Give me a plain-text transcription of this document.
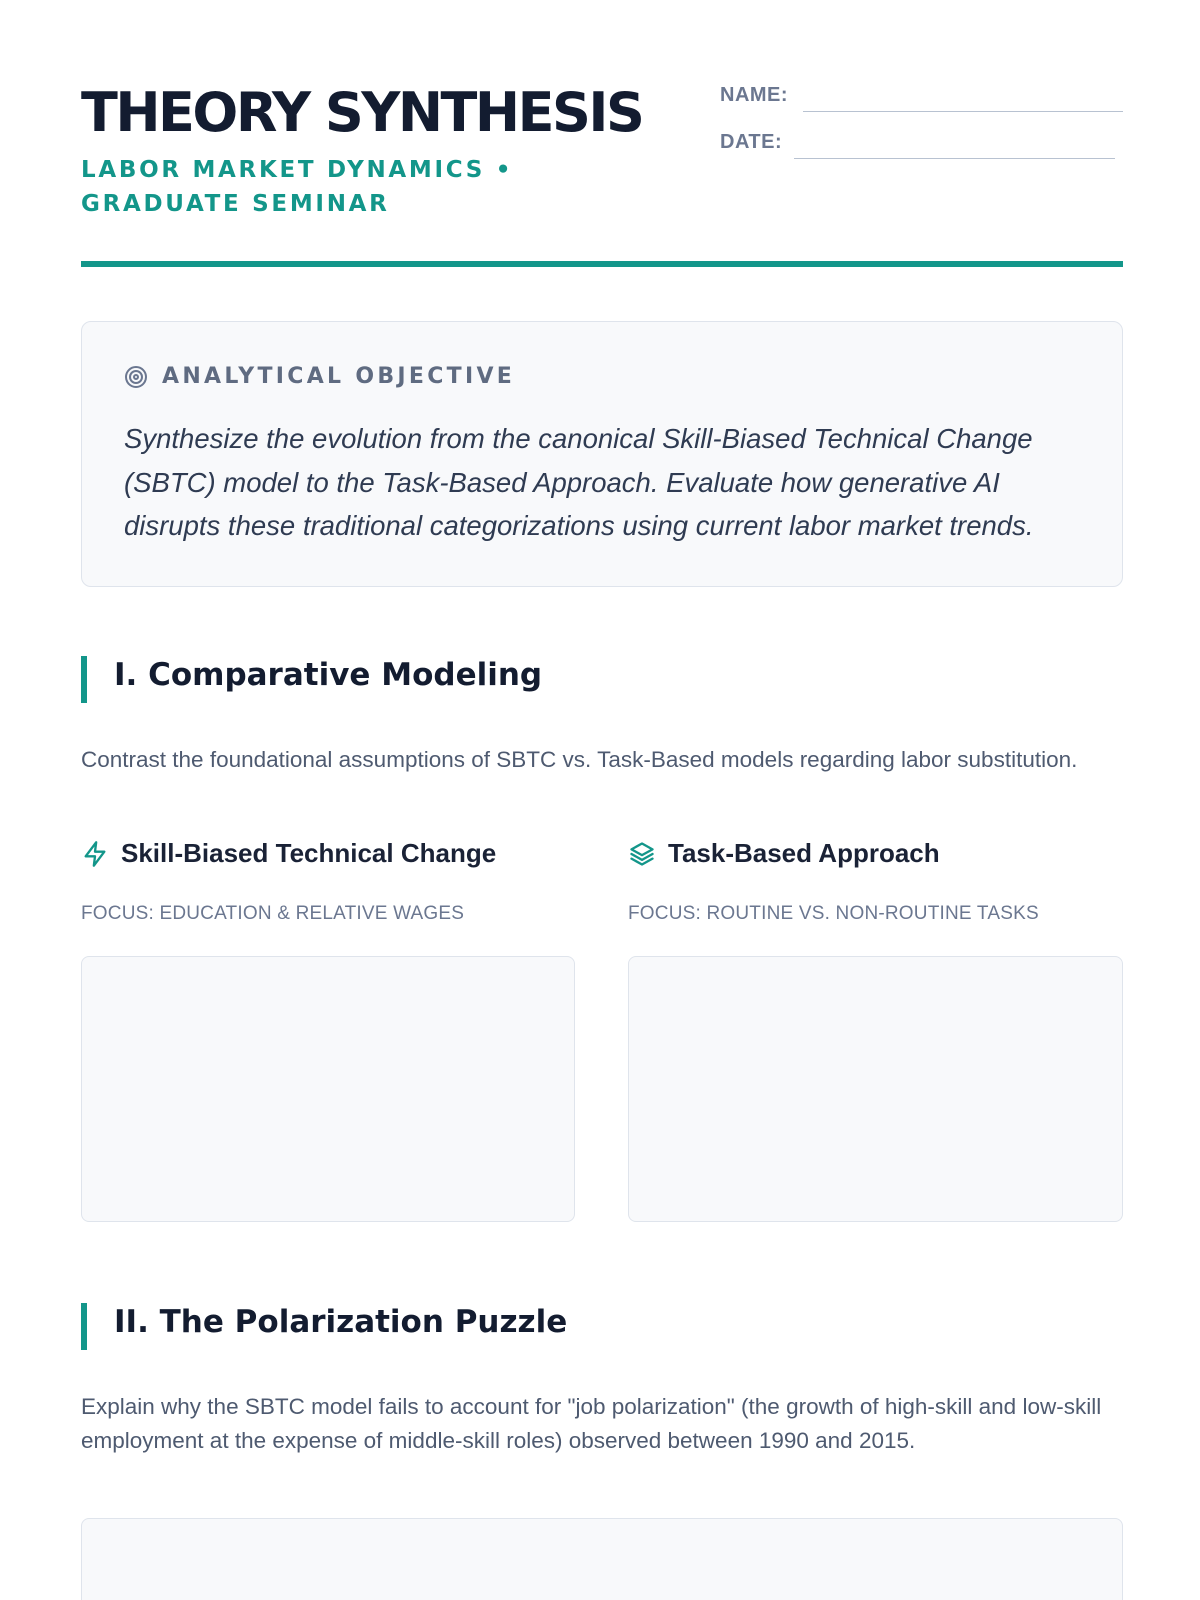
THEORY SYNTHESIS
LABOR MARKET DYNAMICS • GRADUATE SEMINAR
NAME:
DATE:
ANALYTICAL OBJECTIVE
Synthesize the evolution from the canonical Skill-Biased Technical Change (SBTC) model to the Task-Based Approach. Evaluate how generative AI disrupts these traditional categorizations using current labor market trends.
I. Comparative Modeling
Contrast the foundational assumptions of SBTC vs. Task-Based models regarding labor substitution.
Skill-Biased Technical Change
FOCUS: EDUCATION & RELATIVE WAGES
Task-Based Approach
FOCUS: ROUTINE VS. NON-ROUTINE TASKS
II. The Polarization Puzzle
Explain why the SBTC model fails to account for "job polarization" (the growth of high-skill and low-skill employment at the expense of middle-skill roles) observed between 1990 and 2015.
